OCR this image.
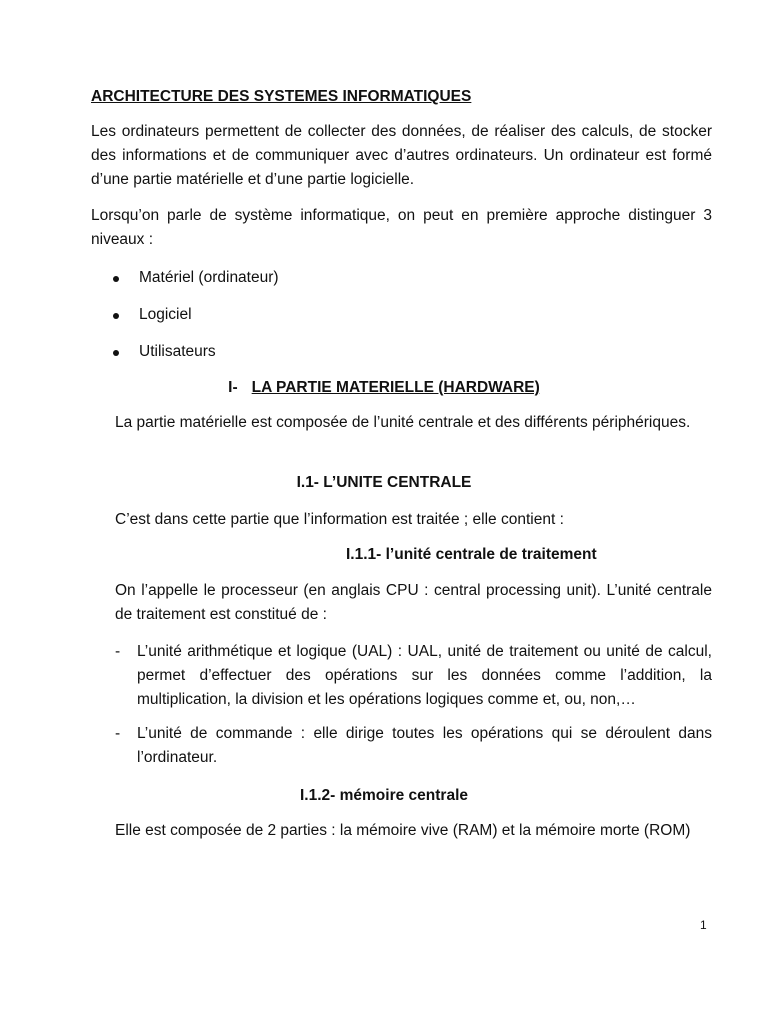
ARCHITECTURE DES SYSTEMES INFORMATIQUES

Les ordinateurs permettent de collecter des données, de réaliser des calculs, de stocker des informations et de communiquer avec d’autres ordinateurs. Un ordinateur est formé d’une partie matérielle et d’une partie logicielle.

Lorsqu’on parle de système informatique, on peut en première approche distinguer 3 niveaux :

Matériel (ordinateur)
Logiciel
Utilisateurs
I- LA PARTIE MATERIELLE (HARDWARE)

La partie matérielle est composée de l’unité centrale et des différents périphériques.

I.1- L’UNITE CENTRALE

C’est dans cette partie que l’information est traitée ; elle contient :

I.1.1- l’unité centrale de traitement

On l’appelle le processeur (en anglais CPU : central processing unit). L’unité centrale de traitement est constitué de :

- L’unité arithmétique et logique (UAL) : UAL, unité de traitement ou unité de calcul, permet d’effectuer des opérations sur les données comme l’addition, la multiplication, la division et les opérations logiques comme et, ou, non,…
- L’unité de commande : elle dirige toutes les opérations qui se déroulent dans l’ordinateur.
I.1.2- mémoire centrale

Elle est composée de 2 parties : la mémoire vive (RAM) et la mémoire morte (ROM)

1
